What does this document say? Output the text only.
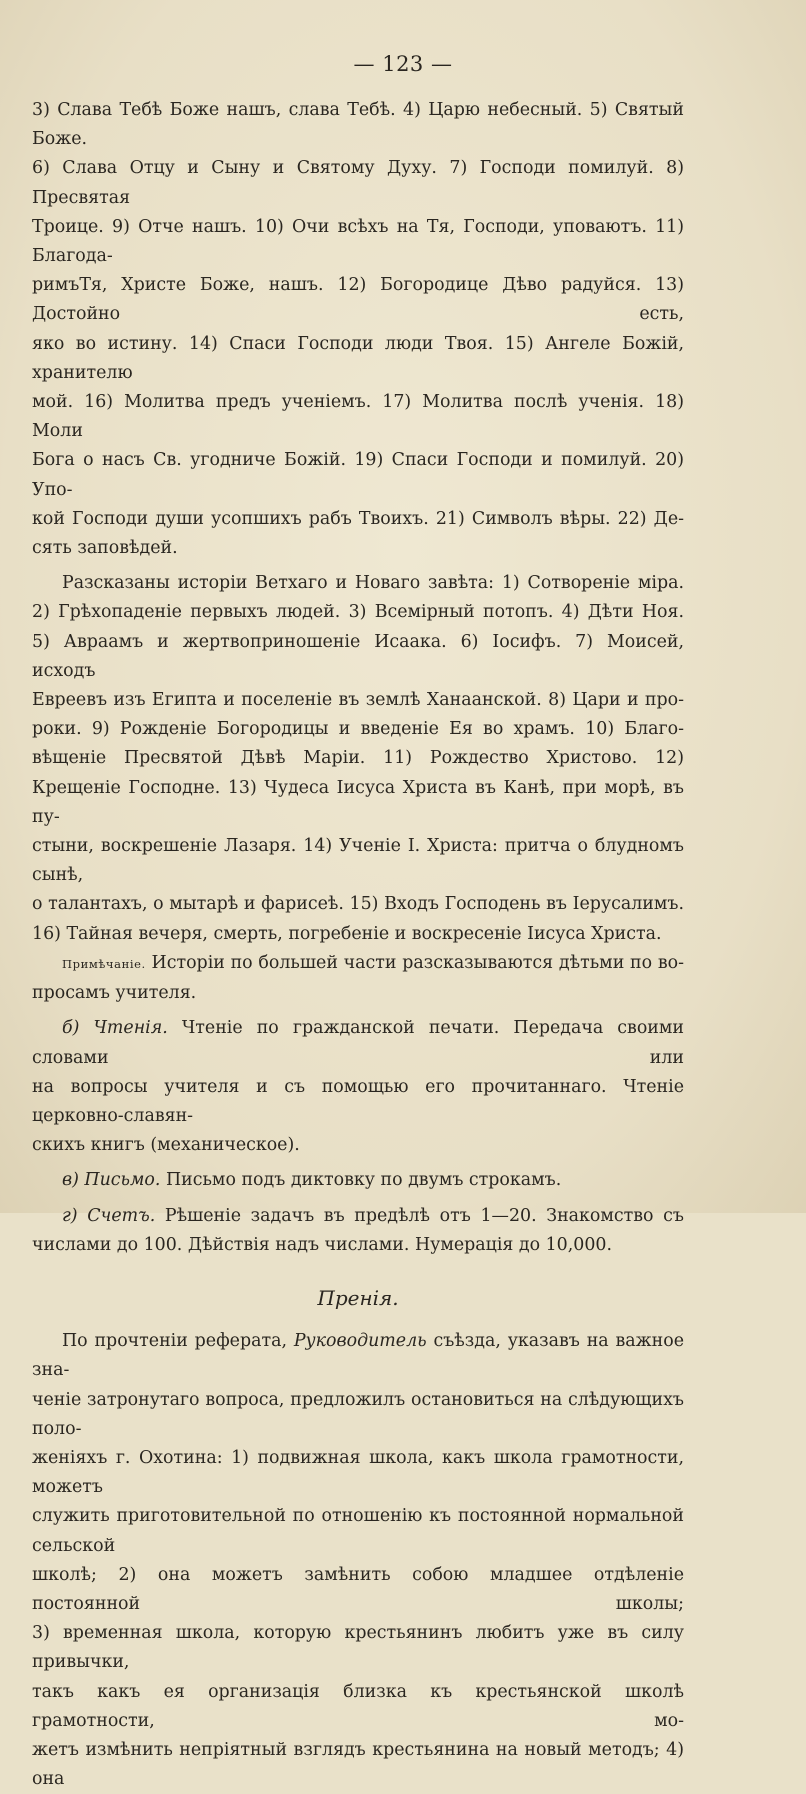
— 123 —
3) Слава Тебѣ Боже нашъ, слава Тебѣ. 4) Царю небесный. 5) Святый Боже.
6) Слава Отцу и Сыну и Святому Духу. 7) Господи помилуй. 8) Пресвятая
Троице. 9) Отче нашъ. 10) Очи всѣхъ на Тя, Господи, уповаютъ. 11) Благода-
римъТя, Христе Боже, нашъ. 12) Богородице Дѣво радуйся. 13) Достойно есть,
яко во истину. 14) Спаси Господи люди Твоя. 15) Ангеле Божій, хранителю
мой. 16) Молитва предъ ученіемъ. 17) Молитва послѣ ученія. 18) Моли
Бога о насъ Св. угодниче Божій. 19) Спаси Господи и помилуй. 20) Упо-
кой Господи души усопшихъ рабъ Твоихъ. 21) Символъ вѣры. 22) Де-
сять заповѣдей.
Разсказаны исторіи Ветхаго и Новаго завѣта: 1) Сотвореніе міра.
2) Грѣхопаденіе первыхъ людей. 3) Всемірный потопъ. 4) Дѣти Ноя.
5) Авраамъ и жертвоприношеніе Исаака. 6) Іосифъ. 7) Моисей, исходъ
Евреевъ изъ Египта и поселеніе въ землѣ Ханаанской. 8) Цари и про-
роки. 9) Рожденіе Богородицы и введеніе Ея во храмъ. 10) Благо-
вѣщеніе Пресвятой Дѣвѣ Маріи. 11) Рождество Христово. 12)
Крещеніе Господне. 13) Чудеса Іисуса Христа въ Канѣ, при морѣ, въ пу-
стыни, воскрешеніе Лазаря. 14) Ученіе І. Христа: притча о блудномъ сынѣ,
о талантахъ, о мытарѣ и фарисеѣ. 15) Входъ Господень въ Іерусалимъ.
16) Тайная вечеря, смерть, погребеніе и воскресеніе Іисуса Христа.
Примѣчаніе. Исторіи по большей части разсказываются дѣтьми по во-
просамъ учителя.
б) Чтенія. Чтеніе по гражданской печати. Передача своими словами или
на вопросы учителя и съ помощью его прочитаннаго. Чтеніе церковно-славян-
скихъ книгъ (механическое).
в) Письмо. Письмо подъ диктовку по двумъ строкамъ.
г) Счетъ. Рѣшеніе задачъ въ предѣлѣ отъ 1—20. Знакомство съ
числами до 100. Дѣйствія надъ числами. Нумерація до 10,000.
Пренія.
По прочтеніи реферата, Руководитель съѣзда, указавъ на важное зна-
ченіе затронутаго вопроса, предложилъ остановиться на слѣдующихъ поло-
женіяхъ г. Охотина: 1) подвижная школа, какъ школа грамотности, можетъ
служить приготовительной по отношенію къ постоянной нормальной сельской
школѣ; 2) она можетъ замѣнить собою младшее отдѣленіе постоянной школы;
3) временная школа, которую крестьянинъ любитъ уже въ силу привычки,
такъ какъ ея организація близка къ крестьянской школѣ грамотности, мо-
жетъ измѣнить непріятный взглядъ крестьянина на новый методъ; 4) она
